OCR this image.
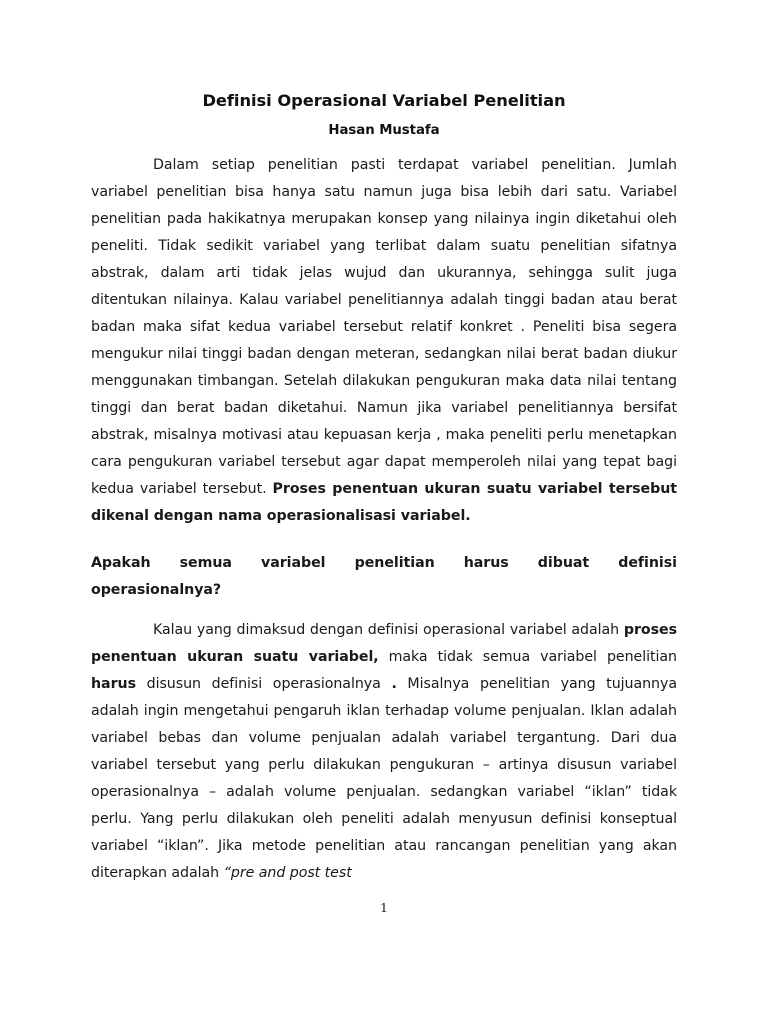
Definisi Operasional Variabel Penelitian
Hasan Mustafa

Dalam setiap penelitian pasti terdapat variabel penelitian. Jumlah variabel penelitian bisa hanya satu namun juga bisa lebih dari satu. Variabel penelitian pada hakikatnya merupakan konsep yang nilainya ingin diketahui oleh peneliti. Tidak sedikit variabel yang terlibat dalam suatu penelitian sifatnya abstrak, dalam arti tidak jelas wujud dan ukurannya, sehingga sulit juga ditentukan nilainya. Kalau variabel penelitiannya adalah tinggi badan atau berat badan maka sifat kedua variabel tersebut relatif konkret . Peneliti bisa segera mengukur nilai tinggi badan dengan meteran, sedangkan nilai berat badan diukur menggunakan timbangan. Setelah dilakukan pengukuran maka data nilai tentang tinggi dan berat badan diketahui. Namun jika variabel penelitiannya bersifat abstrak, misalnya motivasi atau kepuasan kerja , maka peneliti perlu menetapkan cara pengukuran variabel tersebut agar dapat memperoleh nilai yang tepat bagi kedua variabel tersebut. Proses penentuan ukuran suatu variabel tersebut dikenal dengan nama operasionalisasi variabel.

Apakah semua variabel penelitian harus dibuat definisi
operasionalnya?

Kalau yang dimaksud dengan definisi operasional variabel adalah proses penentuan ukuran suatu variabel, maka tidak semua variabel penelitian harus disusun definisi operasionalnya . Misalnya penelitian yang tujuannya adalah ingin mengetahui pengaruh iklan terhadap volume penjualan. Iklan adalah variabel bebas dan volume penjualan adalah variabel tergantung. Dari dua variabel tersebut yang perlu dilakukan pengukuran – artinya disusun variabel operasionalnya – adalah volume penjualan. sedangkan variabel “iklan” tidak perlu. Yang perlu dilakukan oleh peneliti adalah menyusun definisi konseptual variabel “iklan”. Jika metode penelitian atau rancangan penelitian yang akan diterapkan adalah “pre and post test

1
